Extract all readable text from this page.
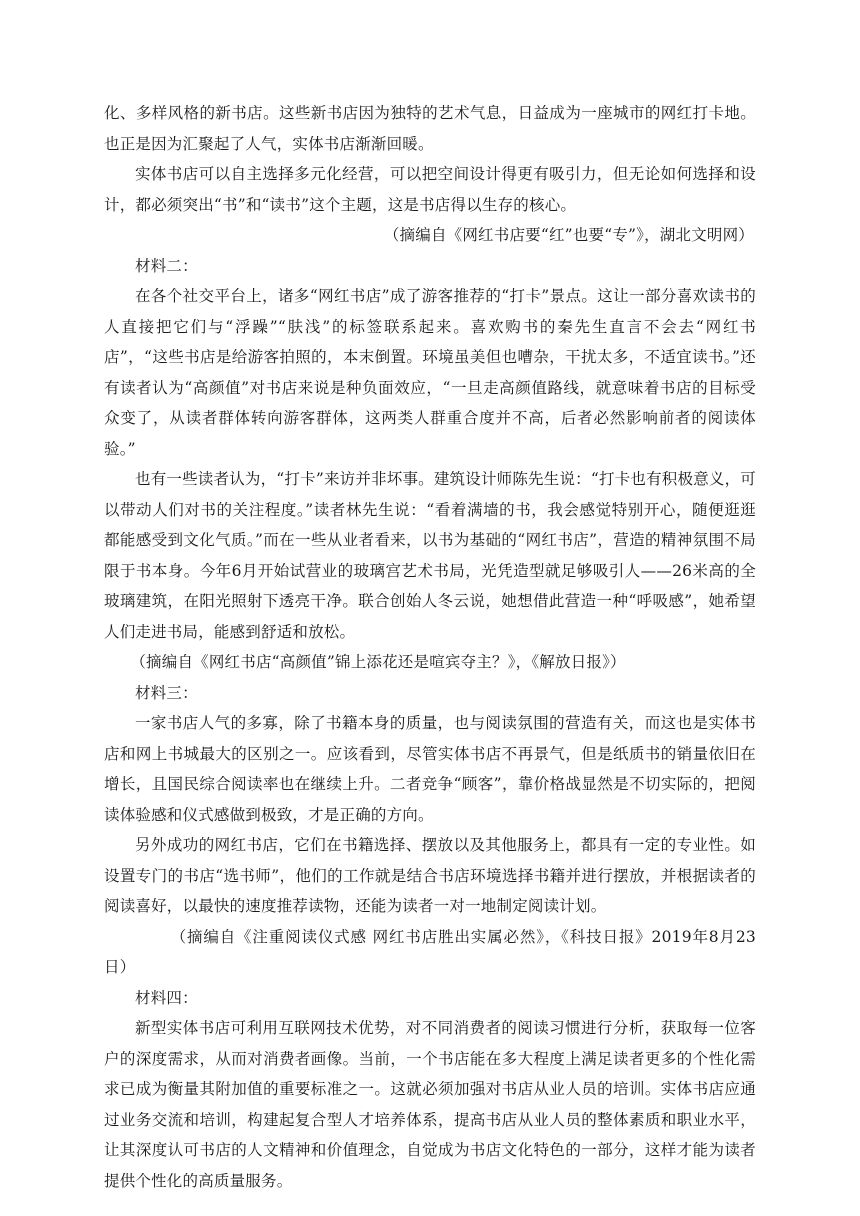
化、多样风格的新书店。这些新书店因为独特的艺术气息，日益成为一座城市的网红打卡地。也正是因为汇聚起了人气，实体书店渐渐回暖。

实体书店可以自主选择多元化经营，可以把空间设计得更有吸引力，但无论如何选择和设计，都必须突出“书”和“读书”这个主题，这是书店得以生存的核心。

（摘编自《网红书店要“红”也要“专”》，湖北文明网）

材料二：

在各个社交平台上，诸多“网红书店”成了游客推荐的“打卡”景点。这让一部分喜欢读书的人直接把它们与“浮躁”“肤浅”的标签联系起来。喜欢购书的秦先生直言不会去“网红书店”，“这些书店是给游客拍照的，本末倒置。环境虽美但也嘈杂，干扰太多，不适宜读书。”还有读者认为“高颜值”对书店来说是种负面效应，“一旦走高颜值路线，就意味着书店的目标受众变了，从读者群体转向游客群体，这两类人群重合度并不高，后者必然影响前者的阅读体验。”

也有一些读者认为，“打卡”来访并非坏事。建筑设计师陈先生说：“打卡也有积极意义，可以带动人们对书的关注程度。”读者林先生说：“看着满墙的书，我会感觉特别开心，随便逛逛都能感受到文化气质。”而在一些从业者看来，以书为基础的“网红书店”，营造的精神氛围不局限于书本身。今年6月开始试营业的玻璃宫艺术书局，光凭造型就足够吸引人——26米高的全玻璃建筑，在阳光照射下透亮干净。联合创始人冬云说，她想借此营造一种“呼吸感”，她希望人们走进书局，能感到舒适和放松。

（摘编自《网红书店“高颜值”锦上添花还是喧宾夺主？》，《解放日报》）

材料三：

一家书店人气的多寡，除了书籍本身的质量，也与阅读氛围的营造有关，而这也是实体书店和网上书城最大的区别之一。应该看到，尽管实体书店不再景气，但是纸质书的销量依旧在增长，且国民综合阅读率也在继续上升。二者竞争“顾客”，靠价格战显然是不切实际的，把阅读体验感和仪式感做到极致，才是正确的方向。

另外成功的网红书店，它们在书籍选择、摆放以及其他服务上，都具有一定的专业性。如设置专门的书店“选书师”，他们的工作就是结合书店环境选择书籍并进行摆放，并根据读者的阅读喜好，以最快的速度推荐读物，还能为读者一对一地制定阅读计划。

（摘编自《注重阅读仪式感 网红书店胜出实属必然》，《科技日报》2019年8月23日）

材料四：

新型实体书店可利用互联网技术优势，对不同消费者的阅读习惯进行分析，获取每一位客户的深度需求，从而对消费者画像。当前，一个书店能在多大程度上满足读者更多的个性化需求已成为衡量其附加值的重要标准之一。这就必须加强对书店从业人员的培训。实体书店应通过业务交流和培训，构建起复合型人才培养体系，提高书店从业人员的整体素质和职业水平，让其深度认可书店的人文精神和价值理念，自觉成为书店文化特色的一部分，这样才能为读者提供个性化的高质量服务。
